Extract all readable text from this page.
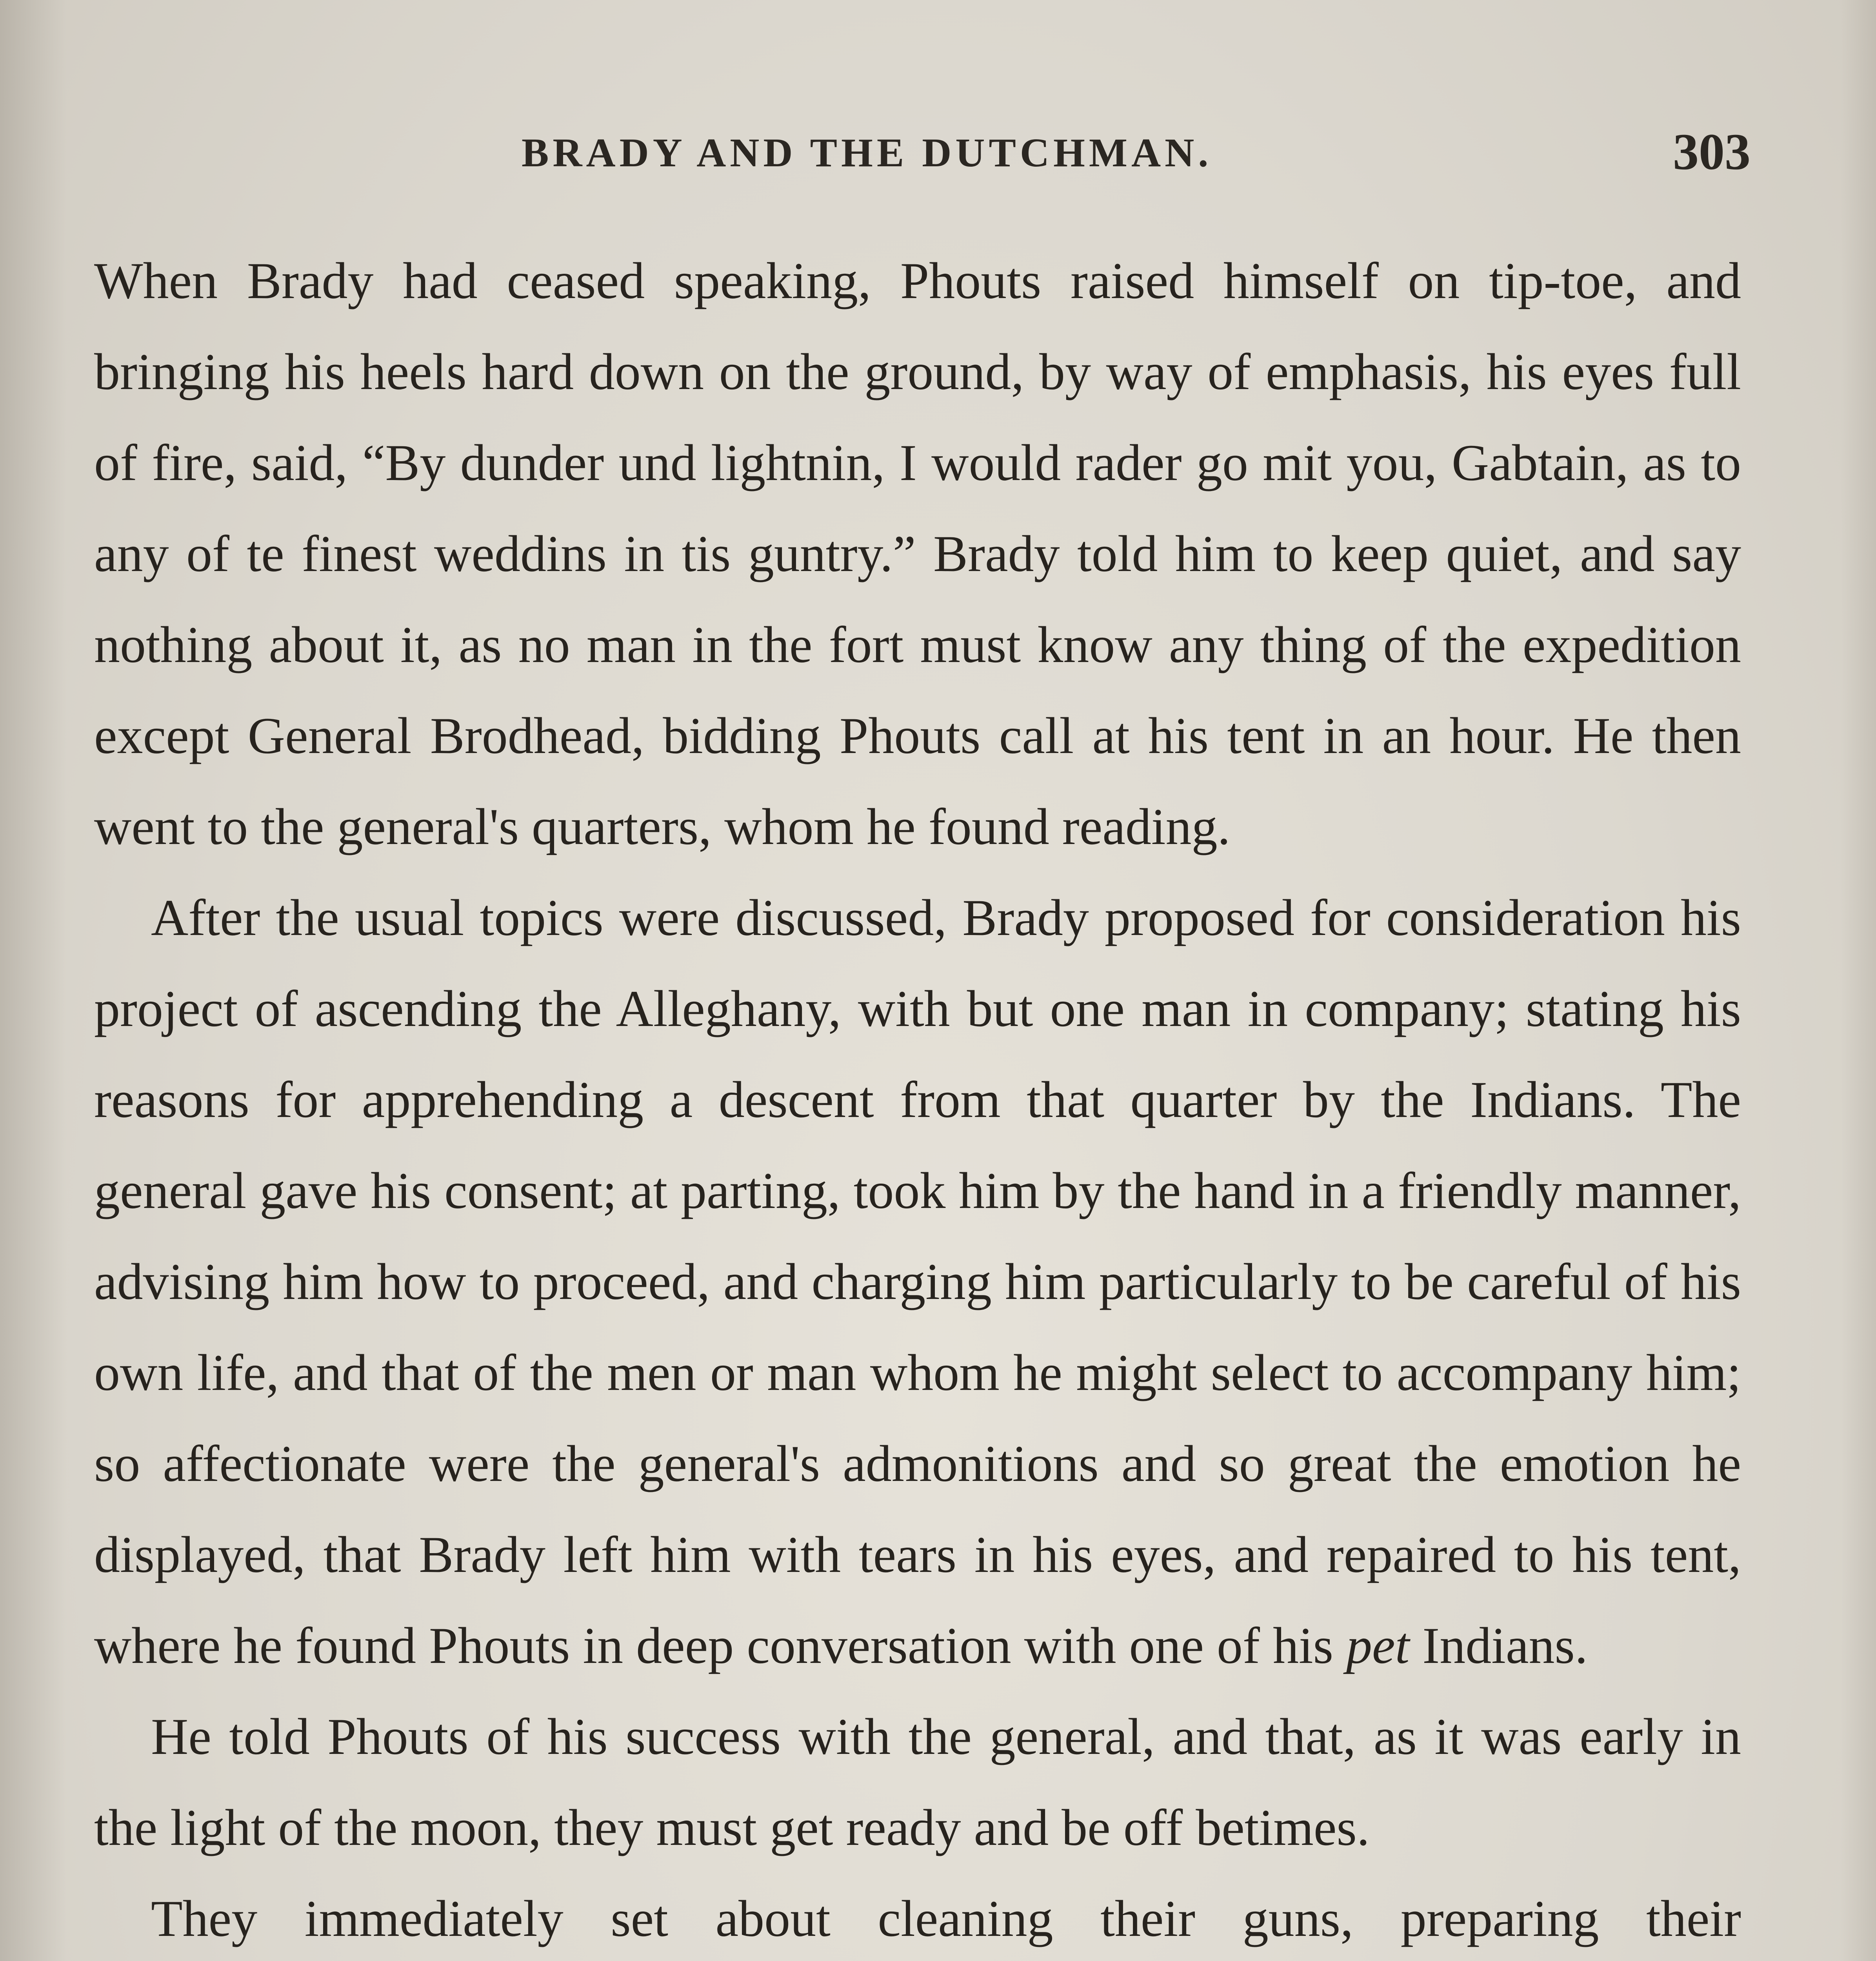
BRADY AND THE DUTCHMAN.	303

When Brady had ceased speaking, Phouts raised himself on tip-toe, and bringing his heels hard down on the ground, by way of emphasis, his eyes full of fire, said, “By dunder und lightnin, I would rader go mit you, Gabtain, as to any of te finest weddins in tis guntry.” Brady told him to keep quiet, and say nothing about it, as no man in the fort must know any thing of the expedition except General Brodhead, bidding Phouts call at his tent in an hour. He then went to the general's quarters, whom he found reading.

After the usual topics were discussed, Brady proposed for consideration his project of ascending the Alleghany, with but one man in company; stating his reasons for apprehending a descent from that quarter by the Indians. The general gave his consent; at parting, took him by the hand in a friendly manner, advising him how to proceed, and charging him particularly to be careful of his own life, and that of the men or man whom he might select to accompany him; so affectionate were the general's admonitions and so great the emotion he displayed, that Brady left him with tears in his eyes, and repaired to his tent, where he found Phouts in deep conversation with one of his pet Indians.

He told Phouts of his success with the general, and that, as it was early in the light of the moon, they must get ready and be off betimes.

They immediately set about cleaning their guns, preparing their
